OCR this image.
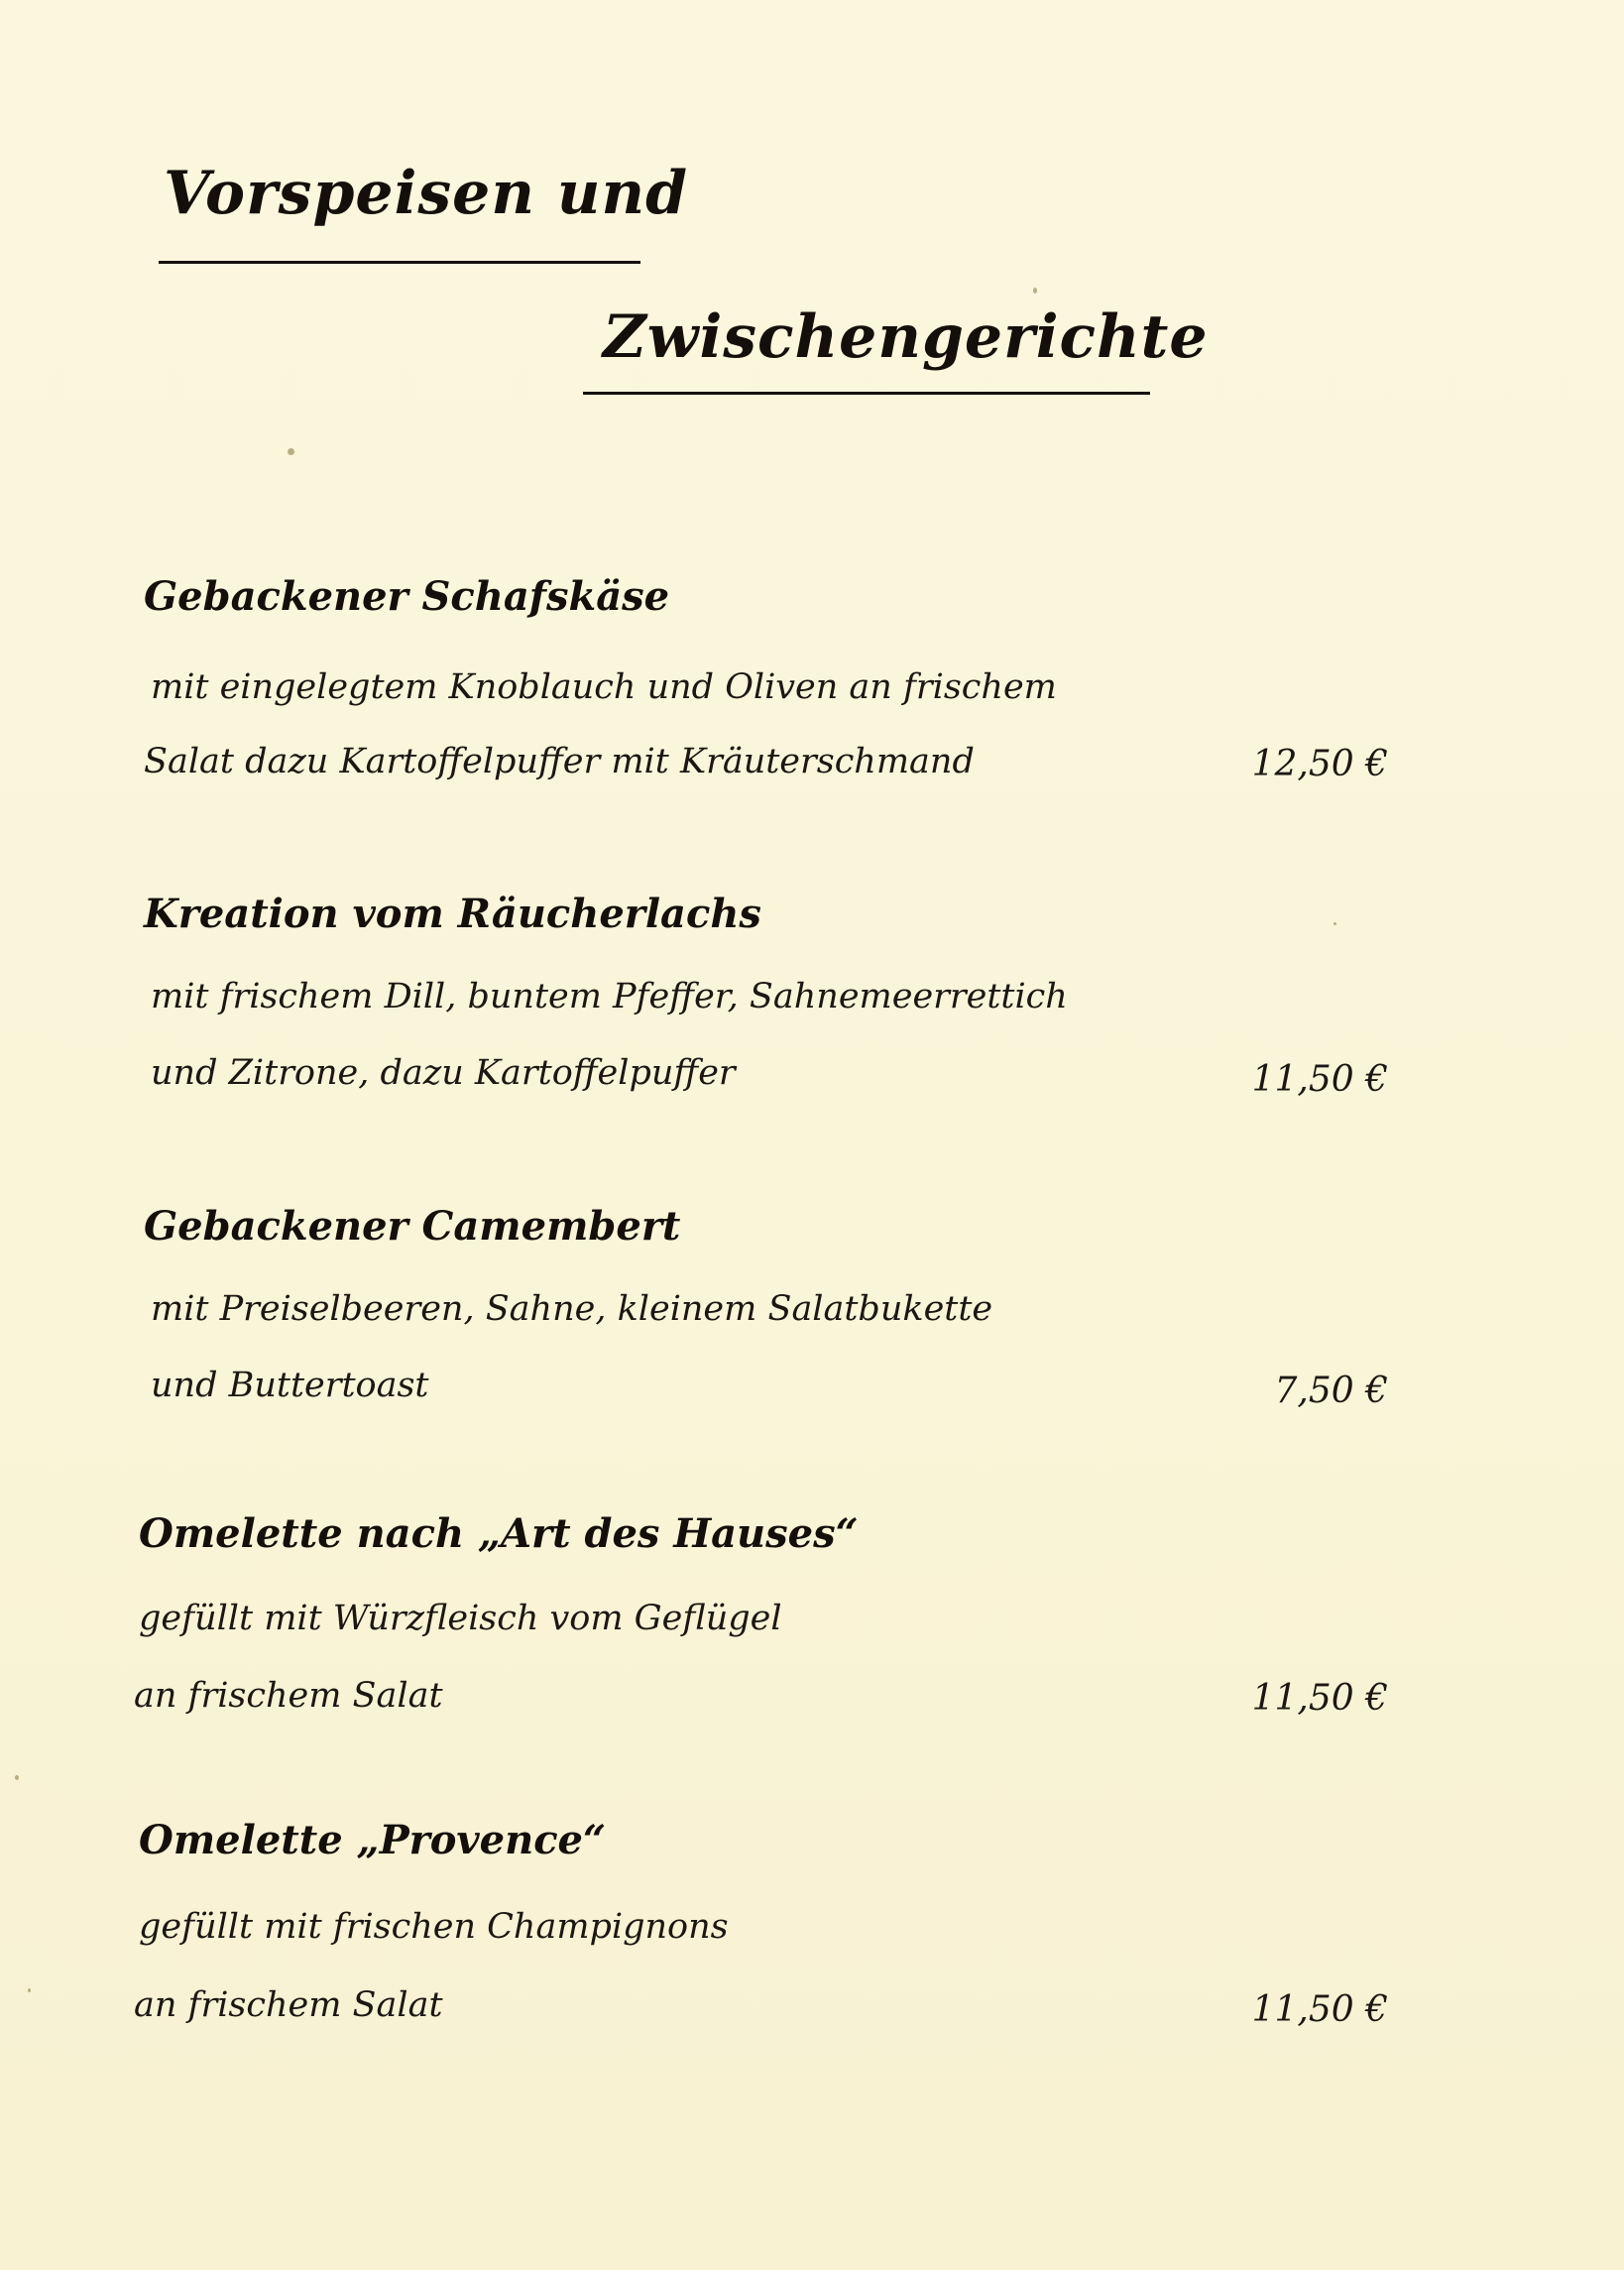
Vorspeisen und
Zwischengerichte
Gebackener Schafskäse
mit eingelegtem Knoblauch und Oliven an frischem
Salat dazu Kartoffelpuffer mit Kräuterschmand	12,50 €
Kreation vom Räucherlachs
mit frischem Dill, buntem Pfeffer, Sahnemeerrettich
und Zitrone, dazu Kartoffelpuffer	11,50 €
Gebackener Camembert
mit Preiselbeeren, Sahne, kleinem Salatbukette
und Buttertoast	7,50 €
Omelette nach „Art des Hauses“
gefüllt mit Würzfleisch vom Geflügel
an frischem Salat	11,50 €
Omelette „Provence“
gefüllt mit frischen Champignons
an frischem Salat	11,50 €
